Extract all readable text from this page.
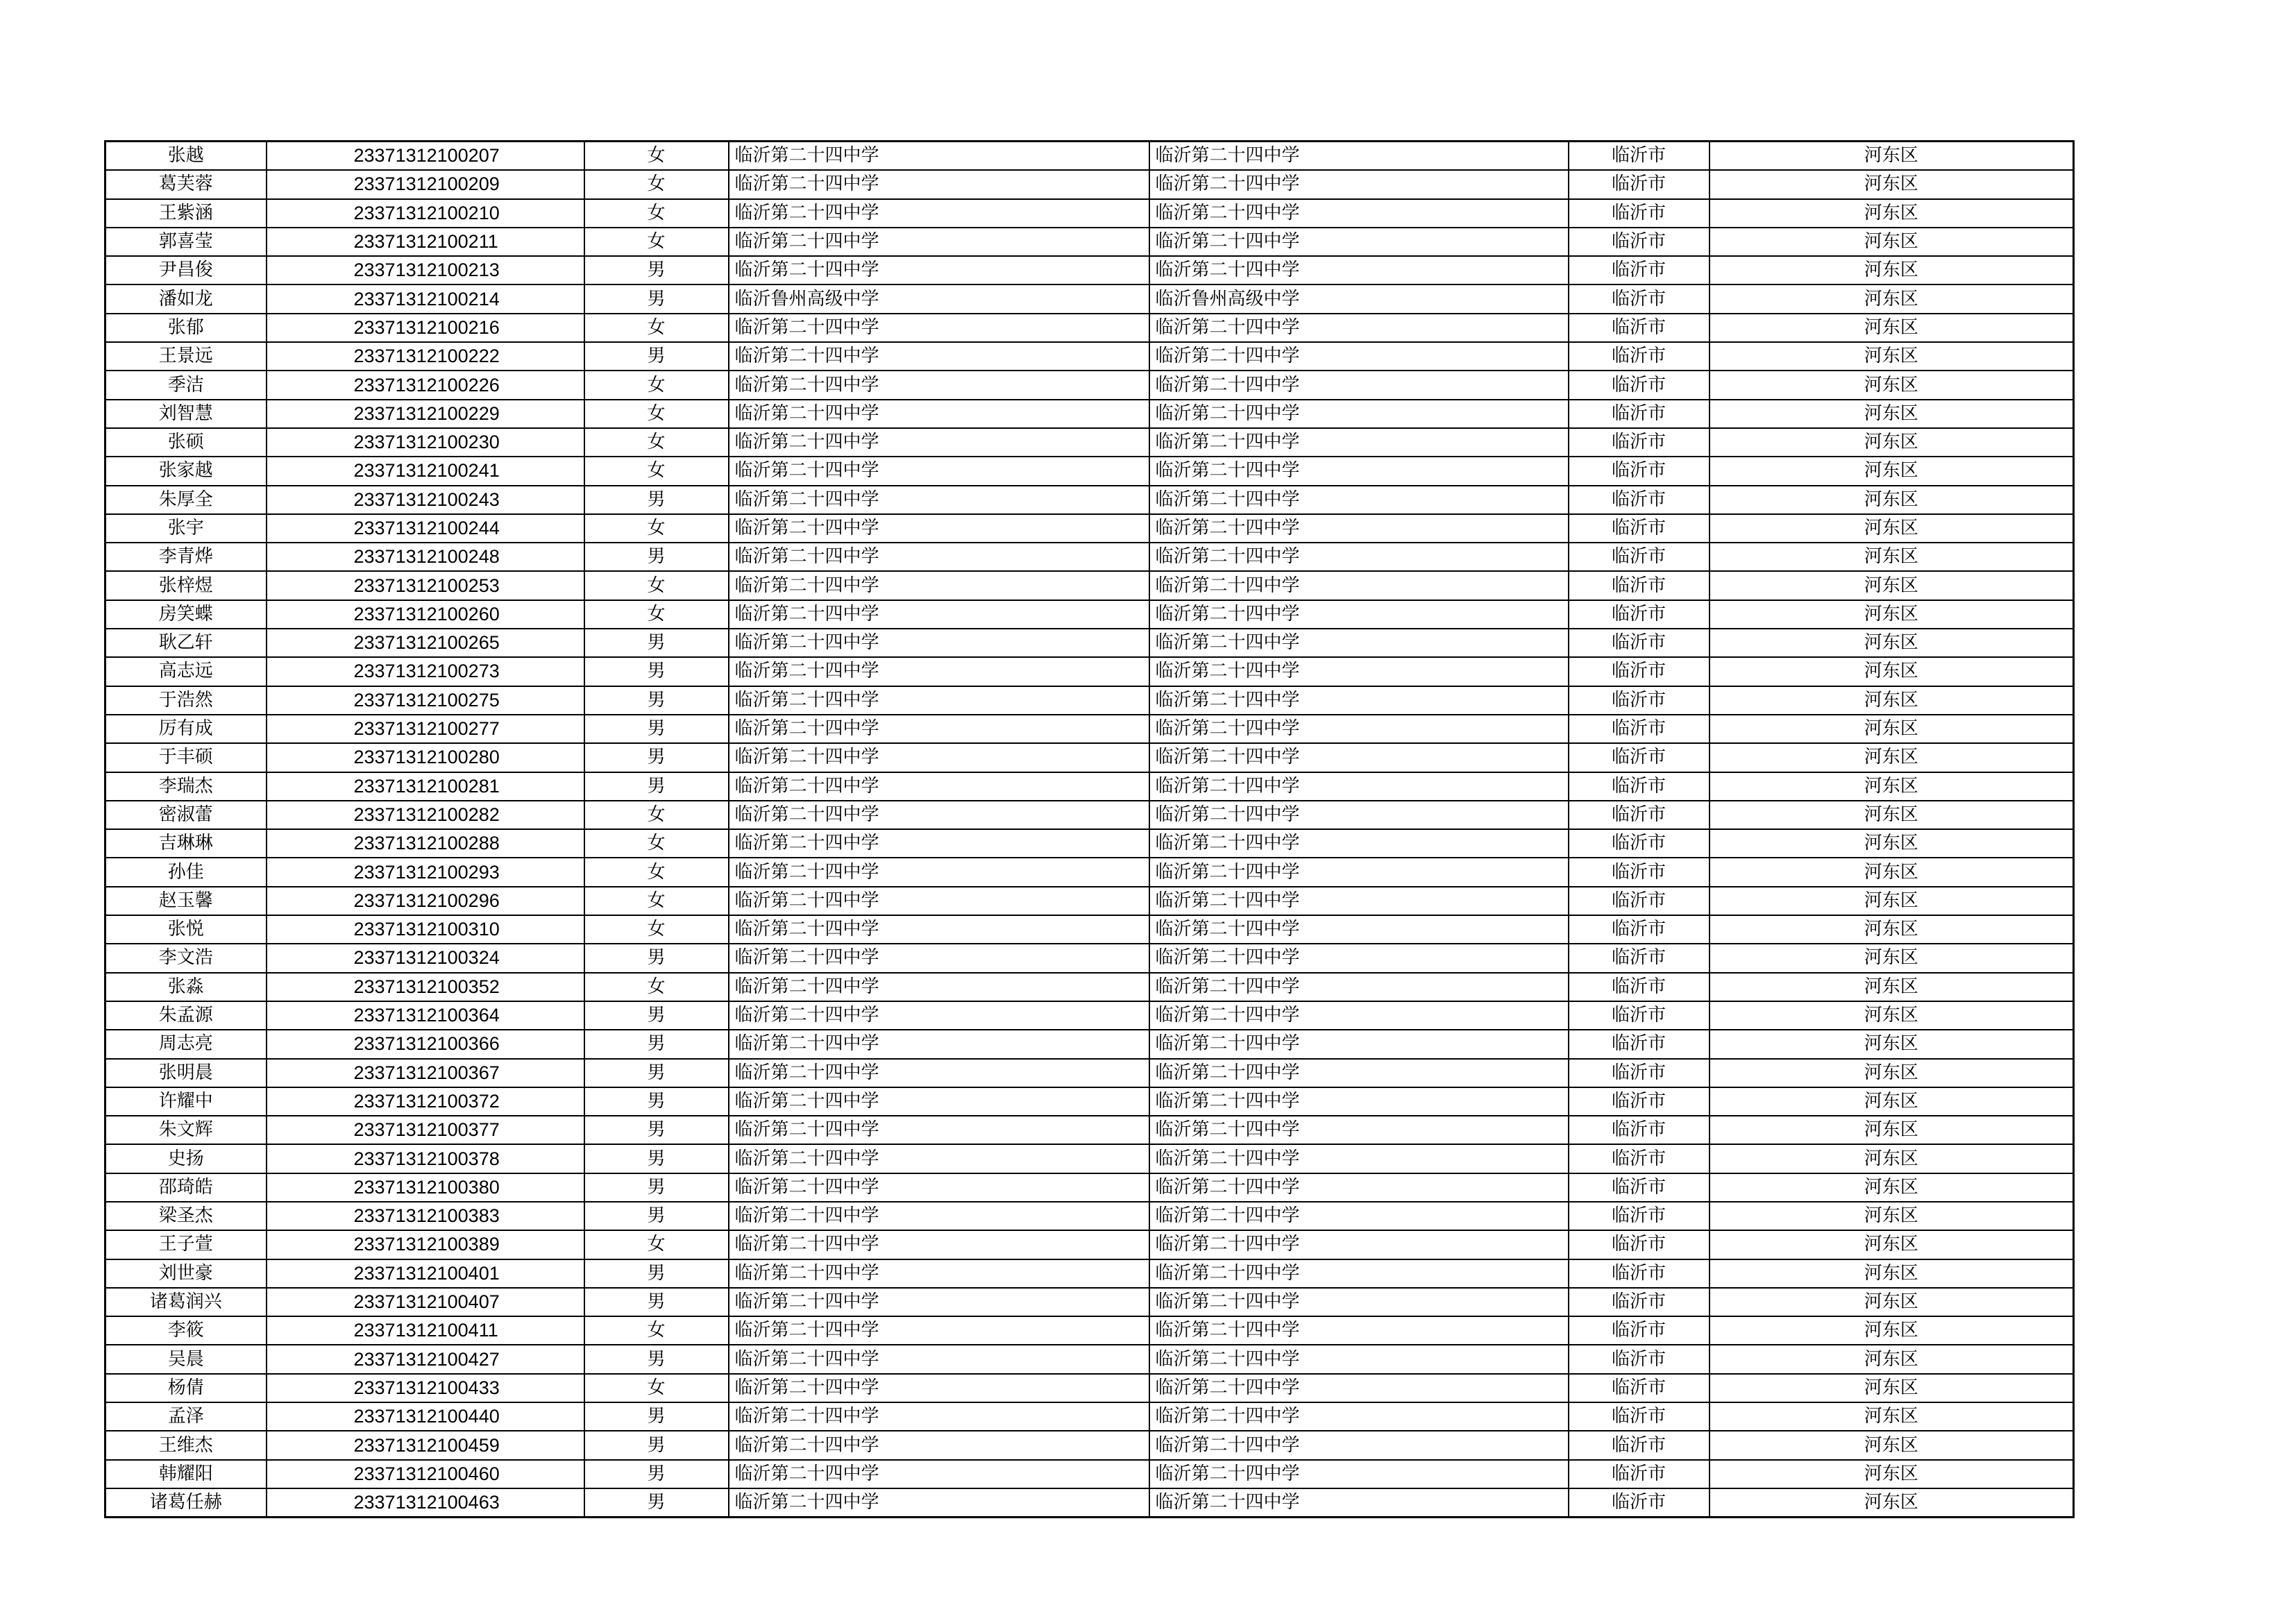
张越	23371312100207	女	临沂第二十四中学	临沂第二十四中学	临沂市	河东区
葛芙蓉	23371312100209	女	临沂第二十四中学	临沂第二十四中学	临沂市	河东区
王紫涵	23371312100210	女	临沂第二十四中学	临沂第二十四中学	临沂市	河东区
郭喜莹	23371312100211	女	临沂第二十四中学	临沂第二十四中学	临沂市	河东区
尹昌俊	23371312100213	男	临沂第二十四中学	临沂第二十四中学	临沂市	河东区
潘如龙	23371312100214	男	临沂鲁州高级中学	临沂鲁州高级中学	临沂市	河东区
张郁	23371312100216	女	临沂第二十四中学	临沂第二十四中学	临沂市	河东区
王景远	23371312100222	男	临沂第二十四中学	临沂第二十四中学	临沂市	河东区
季洁	23371312100226	女	临沂第二十四中学	临沂第二十四中学	临沂市	河东区
刘智慧	23371312100229	女	临沂第二十四中学	临沂第二十四中学	临沂市	河东区
张硕	23371312100230	女	临沂第二十四中学	临沂第二十四中学	临沂市	河东区
张家越	23371312100241	女	临沂第二十四中学	临沂第二十四中学	临沂市	河东区
朱厚全	23371312100243	男	临沂第二十四中学	临沂第二十四中学	临沂市	河东区
张宇	23371312100244	女	临沂第二十四中学	临沂第二十四中学	临沂市	河东区
李青烨	23371312100248	男	临沂第二十四中学	临沂第二十四中学	临沂市	河东区
张梓煜	23371312100253	女	临沂第二十四中学	临沂第二十四中学	临沂市	河东区
房笑蝶	23371312100260	女	临沂第二十四中学	临沂第二十四中学	临沂市	河东区
耿乙轩	23371312100265	男	临沂第二十四中学	临沂第二十四中学	临沂市	河东区
高志远	23371312100273	男	临沂第二十四中学	临沂第二十四中学	临沂市	河东区
于浩然	23371312100275	男	临沂第二十四中学	临沂第二十四中学	临沂市	河东区
厉有成	23371312100277	男	临沂第二十四中学	临沂第二十四中学	临沂市	河东区
于丰硕	23371312100280	男	临沂第二十四中学	临沂第二十四中学	临沂市	河东区
李瑞杰	23371312100281	男	临沂第二十四中学	临沂第二十四中学	临沂市	河东区
密淑蕾	23371312100282	女	临沂第二十四中学	临沂第二十四中学	临沂市	河东区
吉琳琳	23371312100288	女	临沂第二十四中学	临沂第二十四中学	临沂市	河东区
孙佳	23371312100293	女	临沂第二十四中学	临沂第二十四中学	临沂市	河东区
赵玉馨	23371312100296	女	临沂第二十四中学	临沂第二十四中学	临沂市	河东区
张悦	23371312100310	女	临沂第二十四中学	临沂第二十四中学	临沂市	河东区
李文浩	23371312100324	男	临沂第二十四中学	临沂第二十四中学	临沂市	河东区
张淼	23371312100352	女	临沂第二十四中学	临沂第二十四中学	临沂市	河东区
朱孟源	23371312100364	男	临沂第二十四中学	临沂第二十四中学	临沂市	河东区
周志亮	23371312100366	男	临沂第二十四中学	临沂第二十四中学	临沂市	河东区
张明晨	23371312100367	男	临沂第二十四中学	临沂第二十四中学	临沂市	河东区
许耀中	23371312100372	男	临沂第二十四中学	临沂第二十四中学	临沂市	河东区
朱文辉	23371312100377	男	临沂第二十四中学	临沂第二十四中学	临沂市	河东区
史扬	23371312100378	男	临沂第二十四中学	临沂第二十四中学	临沂市	河东区
邵琦皓	23371312100380	男	临沂第二十四中学	临沂第二十四中学	临沂市	河东区
梁圣杰	23371312100383	男	临沂第二十四中学	临沂第二十四中学	临沂市	河东区
王子萱	23371312100389	女	临沂第二十四中学	临沂第二十四中学	临沂市	河东区
刘世豪	23371312100401	男	临沂第二十四中学	临沂第二十四中学	临沂市	河东区
诸葛润兴	23371312100407	男	临沂第二十四中学	临沂第二十四中学	临沂市	河东区
李筱	23371312100411	女	临沂第二十四中学	临沂第二十四中学	临沂市	河东区
吴晨	23371312100427	男	临沂第二十四中学	临沂第二十四中学	临沂市	河东区
杨倩	23371312100433	女	临沂第二十四中学	临沂第二十四中学	临沂市	河东区
孟泽	23371312100440	男	临沂第二十四中学	临沂第二十四中学	临沂市	河东区
王维杰	23371312100459	男	临沂第二十四中学	临沂第二十四中学	临沂市	河东区
韩耀阳	23371312100460	男	临沂第二十四中学	临沂第二十四中学	临沂市	河东区
诸葛任赫	23371312100463	男	临沂第二十四中学	临沂第二十四中学	临沂市	河东区
